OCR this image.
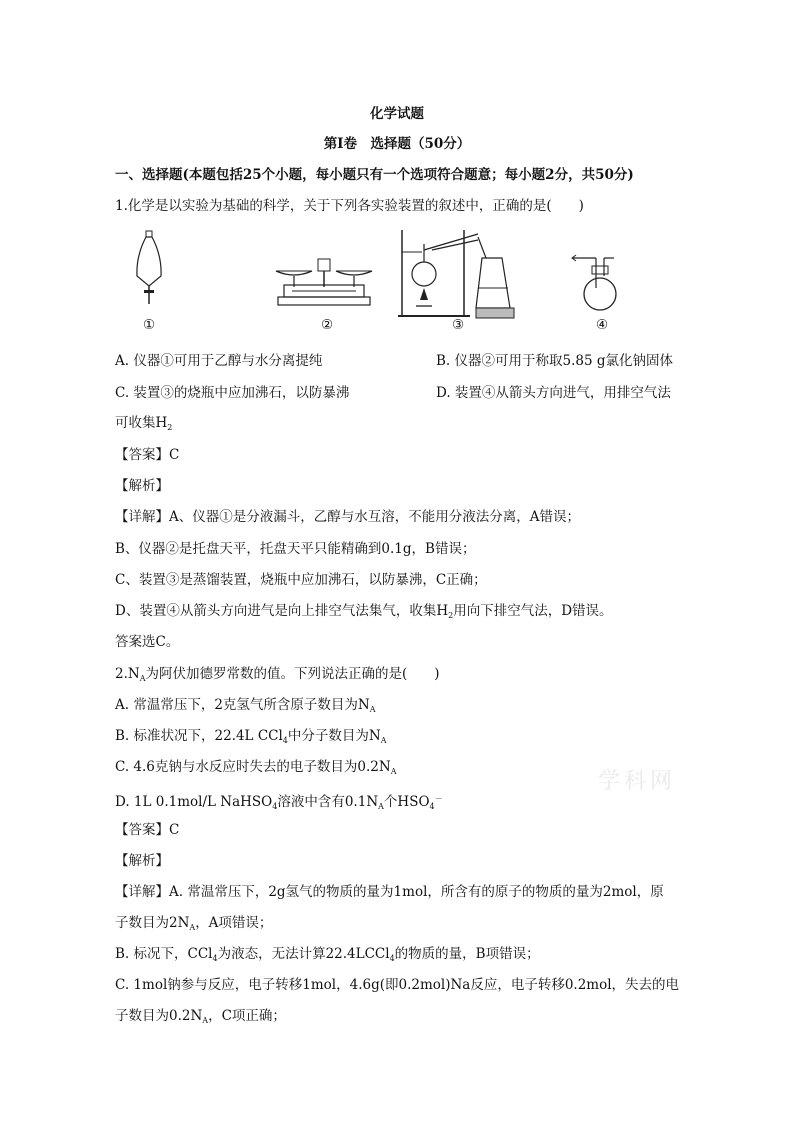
化学试题
第Ⅰ卷　选择题（50分）
一、选择题(本题包括25个小题，每小题只有一个选项符合题意；每小题2分，共50分)
1.化学是以实验为基础的科学，关于下列各实验装置的叙述中，正确的是(　　)
①	②	③	④
A. 仪器①可用于乙醇与水分离提纯	B. 仪器②可用于称取5.85 g氯化钠固体
C. 装置③的烧瓶中应加沸石，以防暴沸	D. 装置④从箭头方向进气，用排空气法
可收集$H_2$
【答案】C
【解析】
【详解】A、仪器①是分液漏斗，乙醇与水互溶，不能用分液法分离，A错误；
B、仪器②是托盘天平，托盘天平只能精确到0.1g，B错误；
C、装置③是蒸馏装置，烧瓶中应加沸石，以防暴沸，C正确；
D、装置④从箭头方向进气是向上排空气法集气，收集$H_2$用向下排空气法，D错误。
答案选C。
$2.N_A$为阿伏加德罗常数的值。下列说法正确的是(　　)
A. 常温常压下，2克氢气所含原子数目为$N_A$
B. 标准状况下，22.4L CCl$_4$中分子数目为$N_A$
C. 4.6克钠与水反应时失去的电子数目为$0.2N_A$
D. 1L 0.1mol/L NaHSO$_4$溶液中含有$0.1N_A$个$HSO_4^-$
【答案】C
【解析】
【详解】A. 常温常压下，2g氢气的物质的量为1mol，所含有的原子的物质的量为2mol，原
子数目为$2N_A$，A项错误；
B. 标况下，CCl$_4$为液态，无法计算22.4LCCl$_4$的物质的量，B项错误；
C. 1mol钠参与反应，电子转移1mol，4.6g(即0.2mol)Na反应，电子转移0.2mol，失去的电
子数目为$0.2N_A$，C项正确；
学科网
